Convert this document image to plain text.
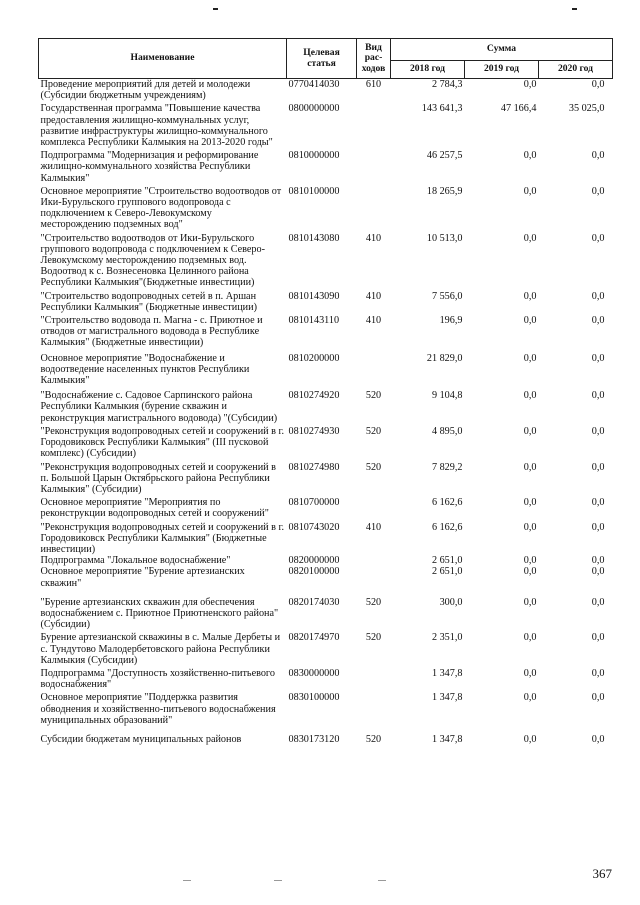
Наименование	Целевая статья	Вид рас-ходов	Сумма		
			2018 год	2019 год	2020 год
Проведение мероприятий для детей и молодежи (Субсидии бюджетным учреждениям)	0770414030	610	2 784,3	0,0	0,0
Государственная программа "Повышение качества предоставления жилищно-коммунальных услуг, развитие инфраструктуры жилищно-коммунального комплекса Республики Калмыкия на 2013-2020 годы"	0800000000		143 641,3	47 166,4	35 025,0
Подпрограмма "Модернизация и реформирование жилищно-коммунального хозяйства Республики Калмыкия"	0810000000		46 257,5	0,0	0,0
Основное мероприятие "Строительство водоотводов от Ики-Бурульского группового водопровода с подключением к Северо-Левокумскому месторождению подземных вод"	0810100000		18 265,9	0,0	0,0
"Строительство водоотводов от Ики-Бурульского группового водопровода с подключением к Северо-Левокумскому месторождению подземных вод. Водоотвод к с. Вознесеновка Целинного района Республики Калмыкия"(Бюджетные инвестиции)	0810143080	410	10 513,0	0,0	0,0
"Строительство водопроводных сетей в п. Аршан Республики Калмыкия" (Бюджетные инвестиции)	0810143090	410	7 556,0	0,0	0,0
"Строительство водовода п. Магна - с. Приютное и отводов от магистрального водовода в Республике Калмыкия" (Бюджетные инвестиции)	0810143110	410	196,9	0,0	0,0
Основное мероприятие "Водоснабжение и водоотведение населенных пунктов Республики Калмыкия"	0810200000		21 829,0	0,0	0,0
"Водоснабжение с. Садовое Сарпинского района Республики Калмыкия (бурение скважин и реконструкция магистрального водовода) "(Субсидии)	0810274920	520	9 104,8	0,0	0,0
"Реконструкция водопроводных сетей и сооружений в г. Городовиковск Республики Калмыкия" (III пусковой комплекс) (Субсидии)	0810274930	520	4 895,0	0,0	0,0
"Реконструкция водопроводных сетей и сооружений в п. Большой Царын Октябрьского района Республики Калмыкия" (Субсидии)	0810274980	520	7 829,2	0,0	0,0
Основное мероприятие "Мероприятия по реконструкции водопроводных сетей и сооружений"	0810700000		6 162,6	0,0	0,0
"Реконструкция водопроводных сетей и сооружений в г. Городовиковск Республики Калмыкия" (Бюджетные инвестиции)	0810743020	410	6 162,6	0,0	0,0
Подпрограмма "Локальное водоснабжение"	0820000000		2 651,0	0,0	0,0
Основное мероприятие "Бурение артезианских скважин"	0820100000		2 651,0	0,0	0,0
"Бурение артезианских скважин для обеспечения водоснабжением с. Приютное Приютненского района" (Субсидии)	0820174030	520	300,0	0,0	0,0
Бурение артезианской скважины в с. Малые Дербеты и с. Тундутово Малодербетовского района Республики Калмыкия (Субсидии)	0820174970	520	2 351,0	0,0	0,0
Подпрограмма "Доступность хозяйственно-питьевого водоснабжения"	0830000000		1 347,8	0,0	0,0
Основное мероприятие "Поддержка развития обводнения и хозяйственно-питьевого водоснабжения муниципальных образований"	0830100000		1 347,8	0,0	0,0
Субсидии бюджетам муниципальных районов	0830173120	520	1 347,8	0,0	0,0
367
